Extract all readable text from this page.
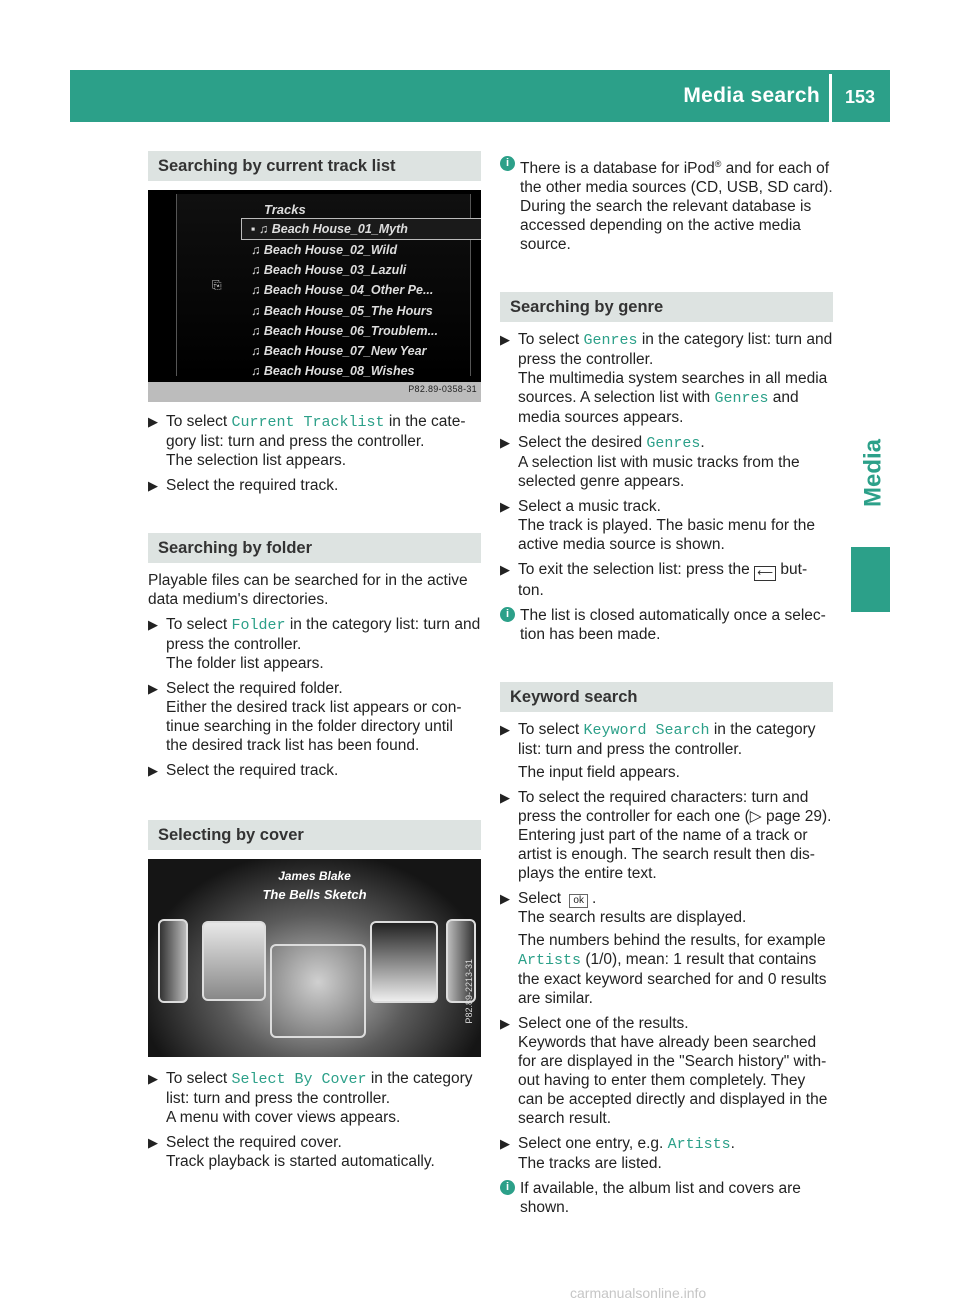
Media search 153
Media
Searching by current track list
Tracks
⎘
▪ ♫ Beach House_01_Myth
♫ Beach House_02_Wild
♫ Beach House_03_Lazuli
♫ Beach House_04_Other Pe...
♫ Beach House_05_The Hours
♫ Beach House_06_Troublem...
♫ Beach House_07_New Year
♫ Beach House_08_Wishes
P82.89-0358-31
▶ To select Current Tracklist in the cate-

gory list: turn and press the controller.

The selection list appears.

▶ Select the required track.

Searching by folder

Playable files can be searched for in the active
data medium's directories.

▶ To select Folder in the category list: turn and

press the controller.

The folder list appears.

▶ Select the required folder.

Either the desired track list appears or con-

tinue searching in the folder directory until

the desired track list has been found.

▶ Select the required track.

Selecting by cover
James Blake
The Bells Sketch
P82.89-2213-31
▶ To select Select By Cover in the category

list: turn and press the controller.

A menu with cover views appears.

▶ Select the required cover.

Track playback is started automatically.

i There is a database for iPod® and for each of

the other media sources (CD, USB, SD card).

During the search the relevant database is

accessed depending on the active media

source.

Searching by genre
▶ To select Genres in the category list: turn and

press the controller.

The multimedia system searches in all media

sources. A selection list with Genres and

media sources appears.

▶ Select the desired Genres.

A selection list with music tracks from the

selected genre appears.

▶ Select a music track.

The track is played. The basic menu for the

active media source is shown.

▶ To exit the selection list: press the ⟵ but-

ton.

i The list is closed automatically once a selec-

tion has been made.

Keyword search
▶ To select Keyword Search in the category

list: turn and press the controller.

The input field appears.

▶ To select the required characters: turn and

press the controller for each one (▷ page 29).

Entering just part of the name of a track or

artist is enough. The search result then dis-

plays the entire text.

▶ Select ok .

The search results are displayed.

The numbers behind the results, for example

Artists (1/0), mean: 1 result that contains

the exact keyword searched for and 0 results

are similar.

▶ Select one of the results.

Keywords that have already been searched

for are displayed in the "Search history" with-

out having to enter them completely. They

can be accepted directly and displayed in the

search result.

▶ Select one entry, e.g. Artists.

The tracks are listed.

i If available, the album list and covers are

shown.

carmanualsonline.info
